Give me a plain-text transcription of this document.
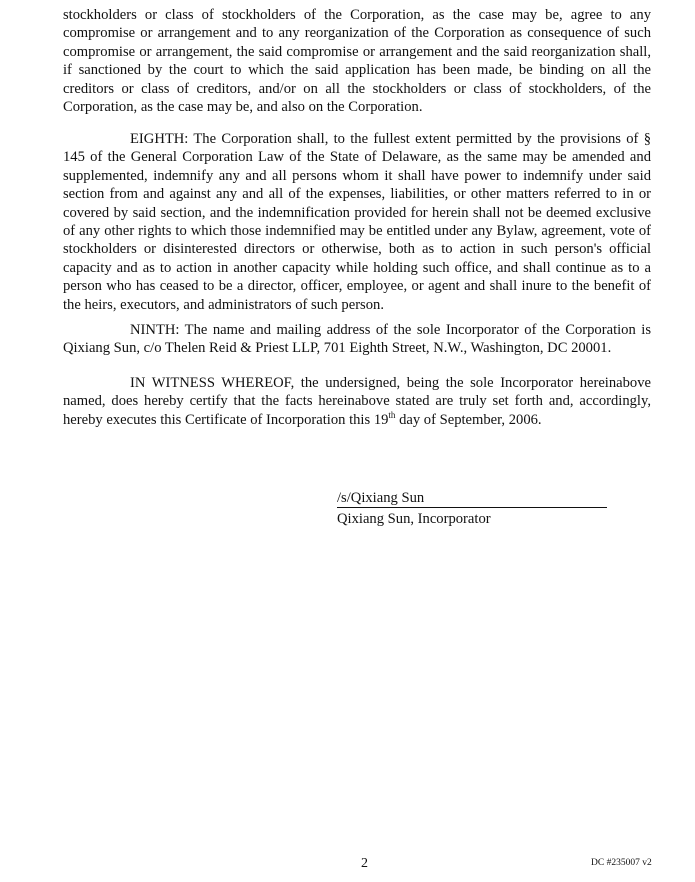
stockholders or class of stockholders of the Corporation, as the case may be, agree to any compromise or arrangement and to any reorganization of the Corporation as consequence of such compromise or arrangement, the said compromise or arrangement and the said reorganization shall, if sanctioned by the court to which the said application has been made, be binding on all the creditors or class of creditors, and/or on all the stockholders or class of stockholders, of the Corporation, as the case may be, and also on the Corporation.

EIGHTH: The Corporation shall, to the fullest extent permitted by the provisions of § 145 of the General Corporation Law of the State of Delaware, as the same may be amended and supplemented, indemnify any and all persons whom it shall have power to indemnify under said section from and against any and all of the expenses, liabilities, or other matters referred to in or covered by said section, and the indemnification provided for herein shall not be deemed exclusive of any other rights to which those indemnified may be entitled under any Bylaw, agreement, vote of stockholders or disinterested directors or otherwise, both as to action in such person's official capacity and as to action in another capacity while holding such office, and shall continue as to a person who has ceased to be a director, officer, employee, or agent and shall inure to the benefit of the heirs, executors, and administrators of such person.

NINTH: The name and mailing address of the sole Incorporator of the Corporation is Qixiang Sun, c/o Thelen Reid & Priest LLP, 701 Eighth Street, N.W., Washington, DC 20001.

IN WITNESS WHEREOF, the undersigned, being the sole Incorporator hereinabove named, does hereby certify that the facts hereinabove stated are truly set forth and, accordingly, hereby executes this Certificate of Incorporation this 19th day of September, 2006.

/s/Qixiang Sun
Qixiang Sun, Incorporator
2	DC #235007 v2
